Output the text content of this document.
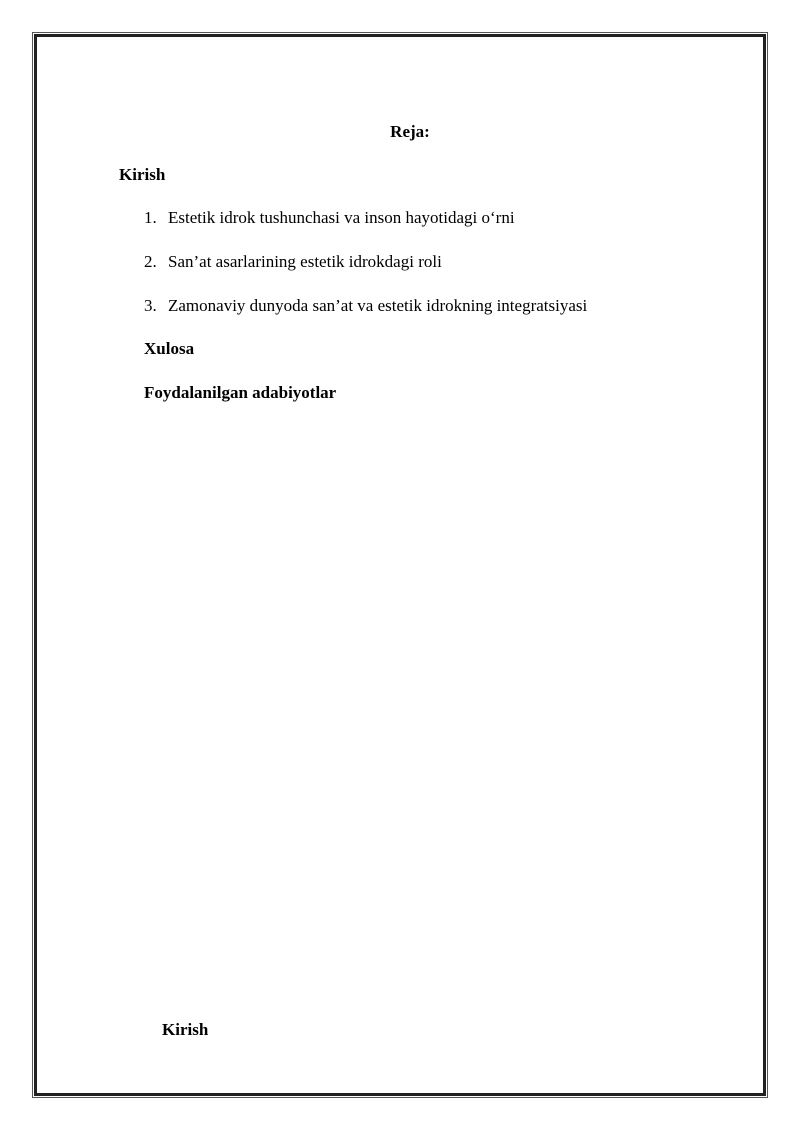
Reja:
Kirish
1. Estetik idrok tushunchasi va inson hayotidagi o‘rni
2. San’at asarlarining estetik idrokdagi roli
3. Zamonaviy dunyoda san’at va estetik idrokning integratsiyasi
Xulosa
Foydalanilgan adabiyotlar
Kirish
